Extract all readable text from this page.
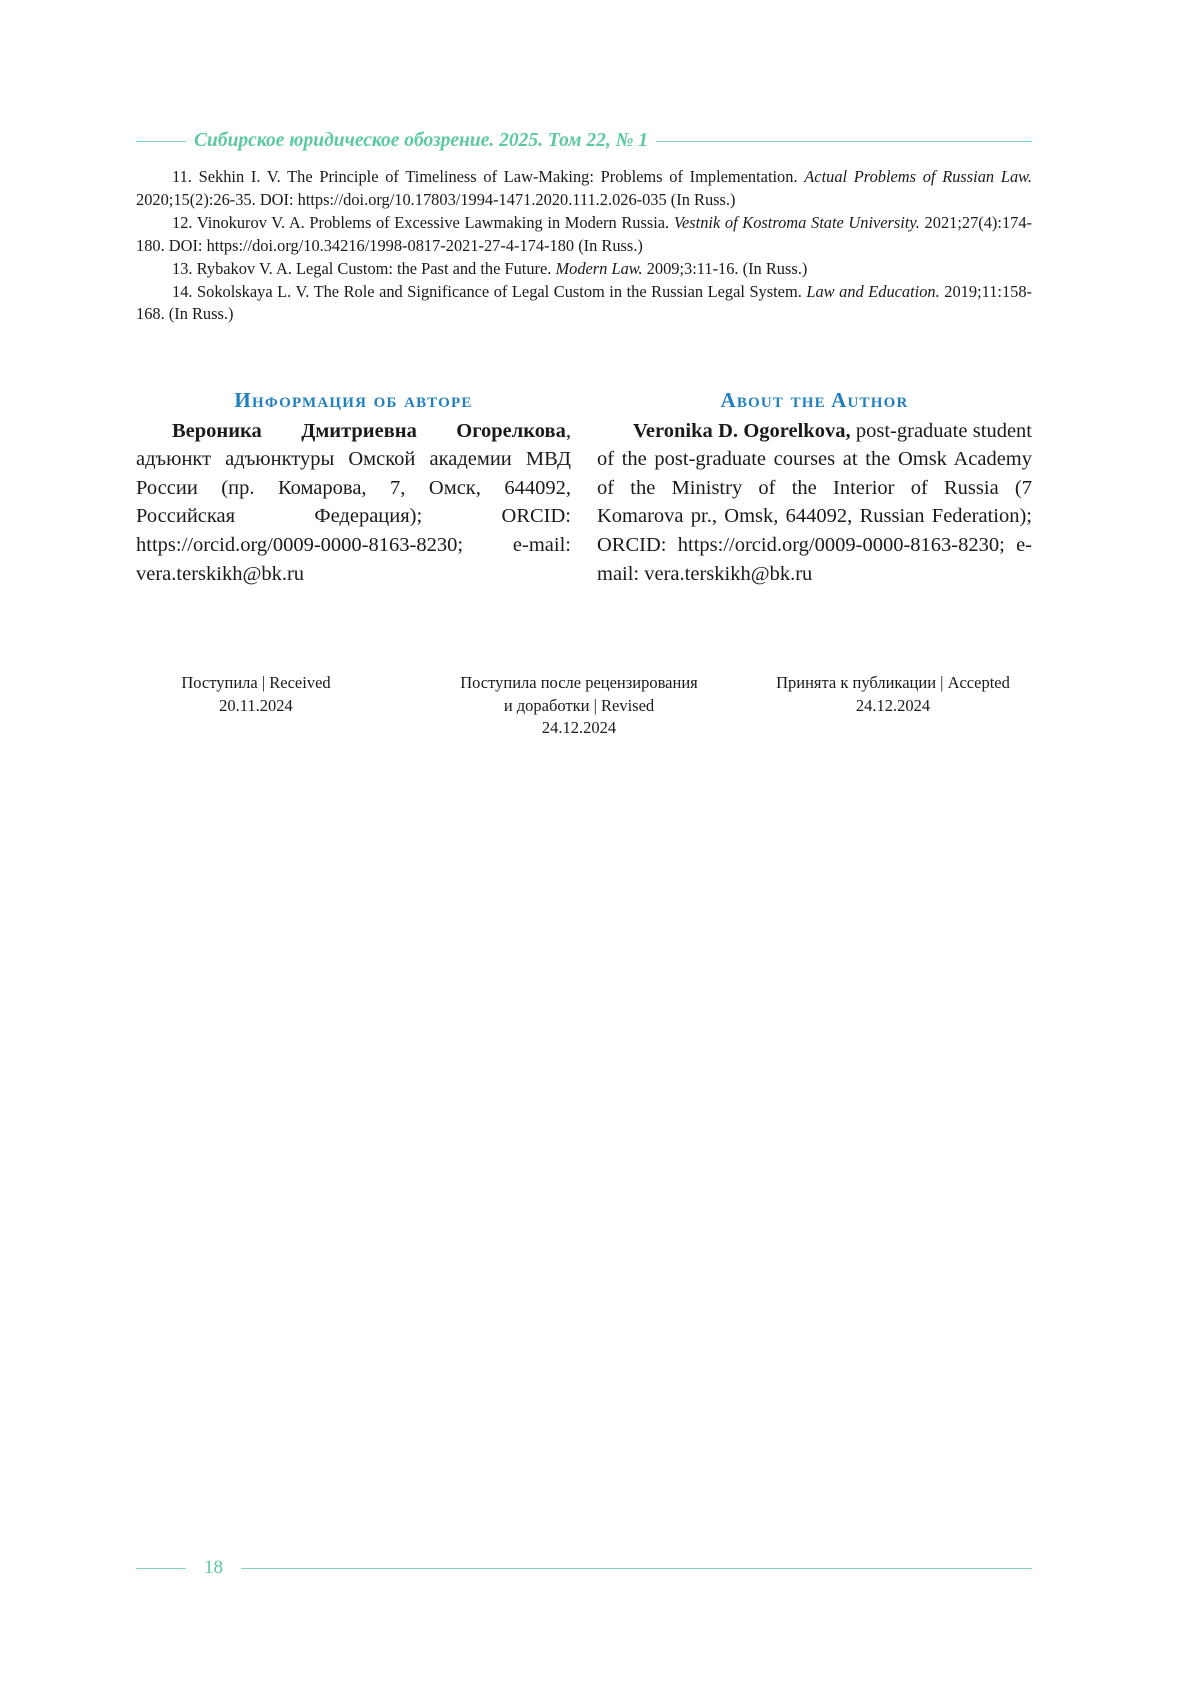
Сибирское юридическое обозрение. 2025. Том 22, № 1
11. Sekhin I. V. The Principle of Timeliness of Law-Making: Problems of Implementation. Actual Problems of Russian Law. 2020;15(2):26-35. DOI: https://doi.org/10.17803/1994-1471.2020.111.2.026-035 (In Russ.)
12. Vinokurov V. A. Problems of Excessive Lawmaking in Modern Russia. Vestnik of Kostroma State University. 2021;27(4):174-180. DOI: https://doi.org/10.34216/1998-0817-2021-27-4-174-180 (In Russ.)
13. Rybakov V. A. Legal Custom: the Past and the Future. Modern Law. 2009;3:11-16. (In Russ.)
14. Sokolskaya L. V. The Role and Significance of Legal Custom in the Russian Legal System. Law and Education. 2019;11:158-168. (In Russ.)
Информация об авторе
Вероника Дмитриевна Огорелкова, адъюнкт адъюнктуры Омской академии МВД России (пр. Комарова, 7, Омск, 644092, Российская Федерация); ORCID: https://orcid.org/0009-0000-8163-8230; e-mail: vera.terskikh@bk.ru
About the Author
Veronika D. Ogorelkova, post-graduate student of the post-graduate courses at the Omsk Academy of the Ministry of the Interior of Russia (7 Komarova pr., Omsk, 644092, Russian Federation); ORCID: https://orcid.org/0009-0000-8163-8230; e-mail: vera.terskikh@bk.ru
Поступила | Received
20.11.2024
Поступила после рецензирования
и доработки | Revised
24.12.2024
Принята к публикации | Accepted
24.12.2024
18
